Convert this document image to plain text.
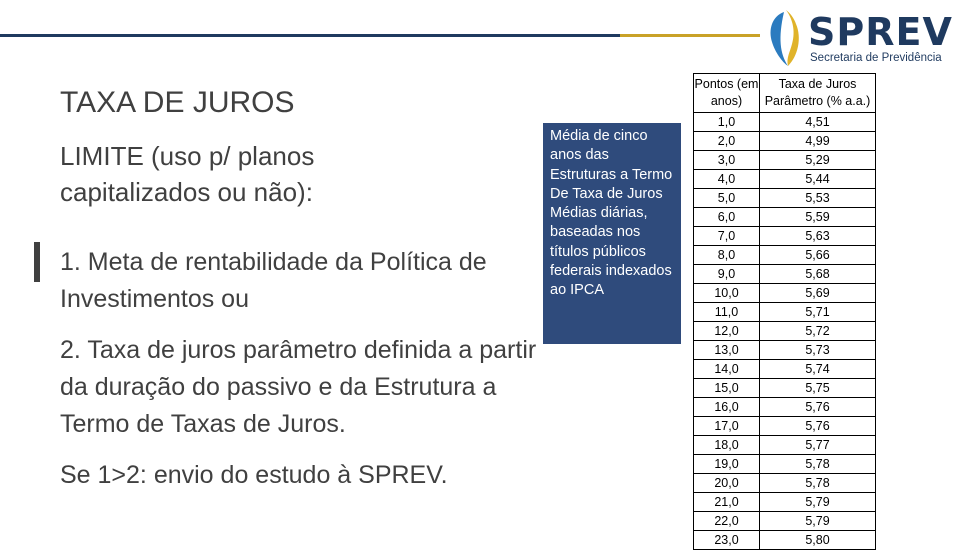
SPREV
Secretaria de Previdência
TAXA DE JUROS
LIMITE (uso p/ planos capitalizados ou não):

1. Meta de rentabilidade da Política de Investimentos ou

2. Taxa de juros parâmetro definida a partir da duração do passivo e da Estrutura a Termo de Taxas de Juros.

Se 1>2: envio do estudo à SPREV.

Média de cinco anos das Estruturas a Termo De Taxa de Juros Médias diárias, baseadas nos títulos públicos federais indexados ao IPCA
Pontos (em anos)	Taxa de Juros Parâmetro (% a.a.)
1,0	4,51
2,0	4,99
3,0	5,29
4,0	5,44
5,0	5,53
6,0	5,59
7,0	5,63
8,0	5,66
9,0	5,68
10,0	5,69
11,0	5,71
12,0	5,72
13,0	5,73
14,0	5,74
15,0	5,75
16,0	5,76
17,0	5,76
18,0	5,77
19,0	5,78
20,0	5,78
21,0	5,79
22,0	5,79
23,0	5,80
